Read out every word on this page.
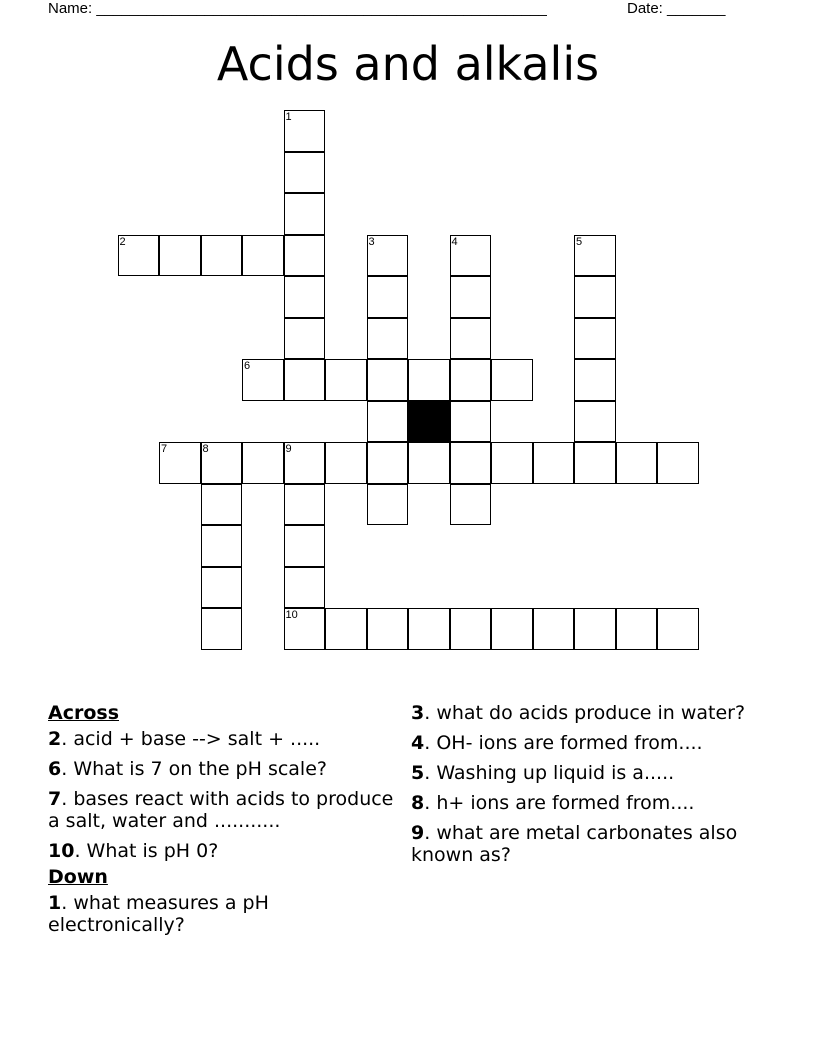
Name: ______________________________________________________	Date: _______
Acids and alkalis
1
2	3	4	5
6
7	8	9
10
Across
2. acid + base --> salt + .....
6. What is 7 on the pH scale?
7. bases react with acids to produce a salt, water and ...........
10. What is pH 0?
Down
1. what measures a pH electronically?
3. what do acids produce in water?
4. OH- ions are formed from....
5. Washing up liquid is a.....
8. h+ ions are formed from....
9. what are metal carbonates also known as?
